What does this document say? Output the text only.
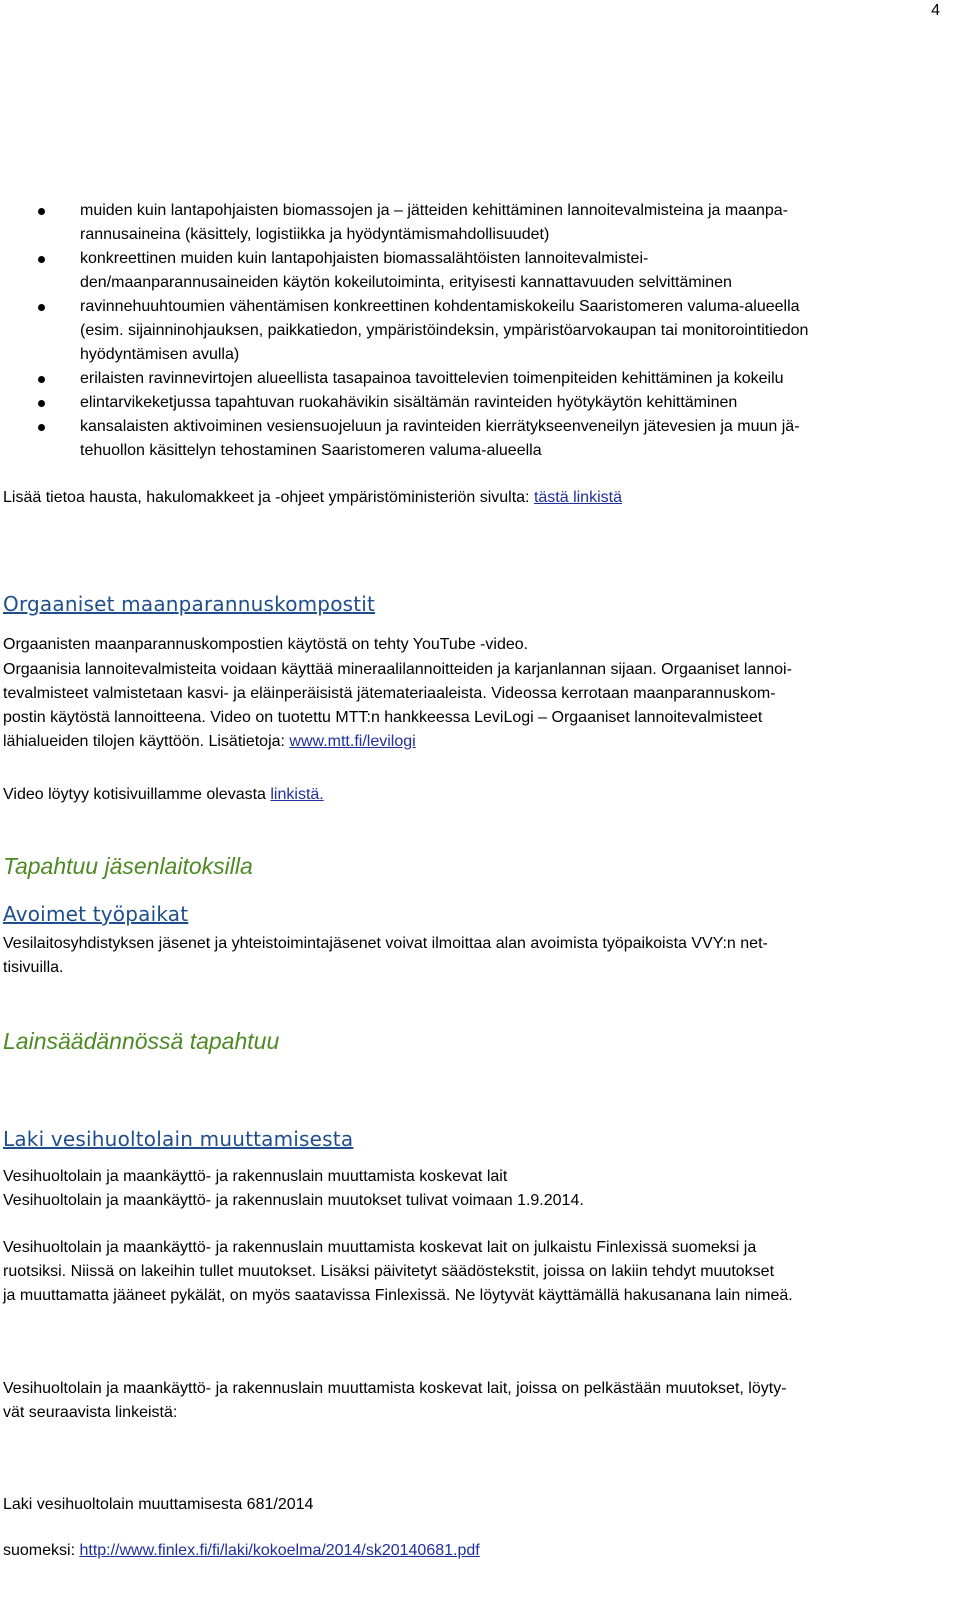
4
muiden kuin lantapohjaisten biomassojen ja – jätteiden kehittäminen lannoitevalmisteina ja maanpa-
rannusaineina (käsittely, logistiikka ja hyödyntämismahdollisuudet)
konkreettinen muiden kuin lantapohjaisten biomassalähtöisten lannoitevalmistei-
den/maanparannusaineiden käytön kokeilutoiminta, erityisesti kannattavuuden selvittäminen
ravinnehuuhtoumien vähentämisen konkreettinen kohdentamiskokeilu Saaristomeren valuma-alueella
(esim. sijainninohjauksen, paikkatiedon, ympäristöindeksin, ympäristöarvokaupan tai monitorointitiedon
hyödyntämisen avulla)
erilaisten ravinnevirtojen alueellista tasapainoa tavoittelevien toimenpiteiden kehittäminen ja kokeilu
elintarvikeketjussa tapahtuvan ruokahävikin sisältämän ravinteiden hyötykäytön kehittäminen
kansalaisten aktivoiminen vesiensuojeluun ja ravinteiden kierrätykseenveneilyn jätevesien ja muun jä-
tehuollon käsittelyn tehostaminen Saaristomeren valuma-alueella
Lisää tietoa hausta, hakulomakkeet ja -ohjeet ympäristöministeriön sivulta: tästä linkistä
Orgaaniset maanparannuskompostit
Orgaanisten maanparannuskompostien käytöstä on tehty YouTube -video.
Orgaanisia lannoitevalmisteita voidaan käyttää mineraalilannoitteiden ja karjanlannan sijaan. Orgaaniset lannoi-
tevalmisteet valmistetaan kasvi- ja eläinperäisistä jätemateriaaleista. Videossa kerrotaan maanparannuskom-
postin käytöstä lannoitteena. Video on tuotettu MTT:n hankkeessa LeviLogi – Orgaaniset lannoitevalmisteet
lähialueiden tilojen käyttöön. Lisätietoja: www.mtt.fi/levilogi
Video löytyy kotisivuillamme olevasta linkistä.
Tapahtuu jäsenlaitoksilla
Avoimet työpaikat
Vesilaitosyhdistyksen jäsenet ja yhteistoimintajäsenet voivat ilmoittaa alan avoimista työpaikoista VVY:n net-
tisivuilla.
Lainsäädännössä tapahtuu
Laki vesihuoltolain muuttamisesta
Vesihuoltolain ja maankäyttö- ja rakennuslain muuttamista koskevat lait
Vesihuoltolain ja maankäyttö- ja rakennuslain muutokset tulivat voimaan 1.9.2014.
Vesihuoltolain ja maankäyttö- ja rakennuslain muuttamista koskevat lait on julkaistu Finlexissä suomeksi ja
ruotsiksi. Niissä on lakeihin tullet muutokset. Lisäksi päivitetyt säädöstekstit, joissa on lakiin tehdyt muutokset
ja muuttamatta jääneet pykälät, on myös saatavissa Finlexissä. Ne löytyvät käyttämällä hakusanana lain nimeä.
Vesihuoltolain ja maankäyttö- ja rakennuslain muuttamista koskevat lait, joissa on pelkästään muutokset, löyty-
vät seuraavista linkeistä:
Laki vesihuoltolain muuttamisesta 681/2014
suomeksi: http://www.finlex.fi/fi/laki/kokoelma/2014/sk20140681.pdf
